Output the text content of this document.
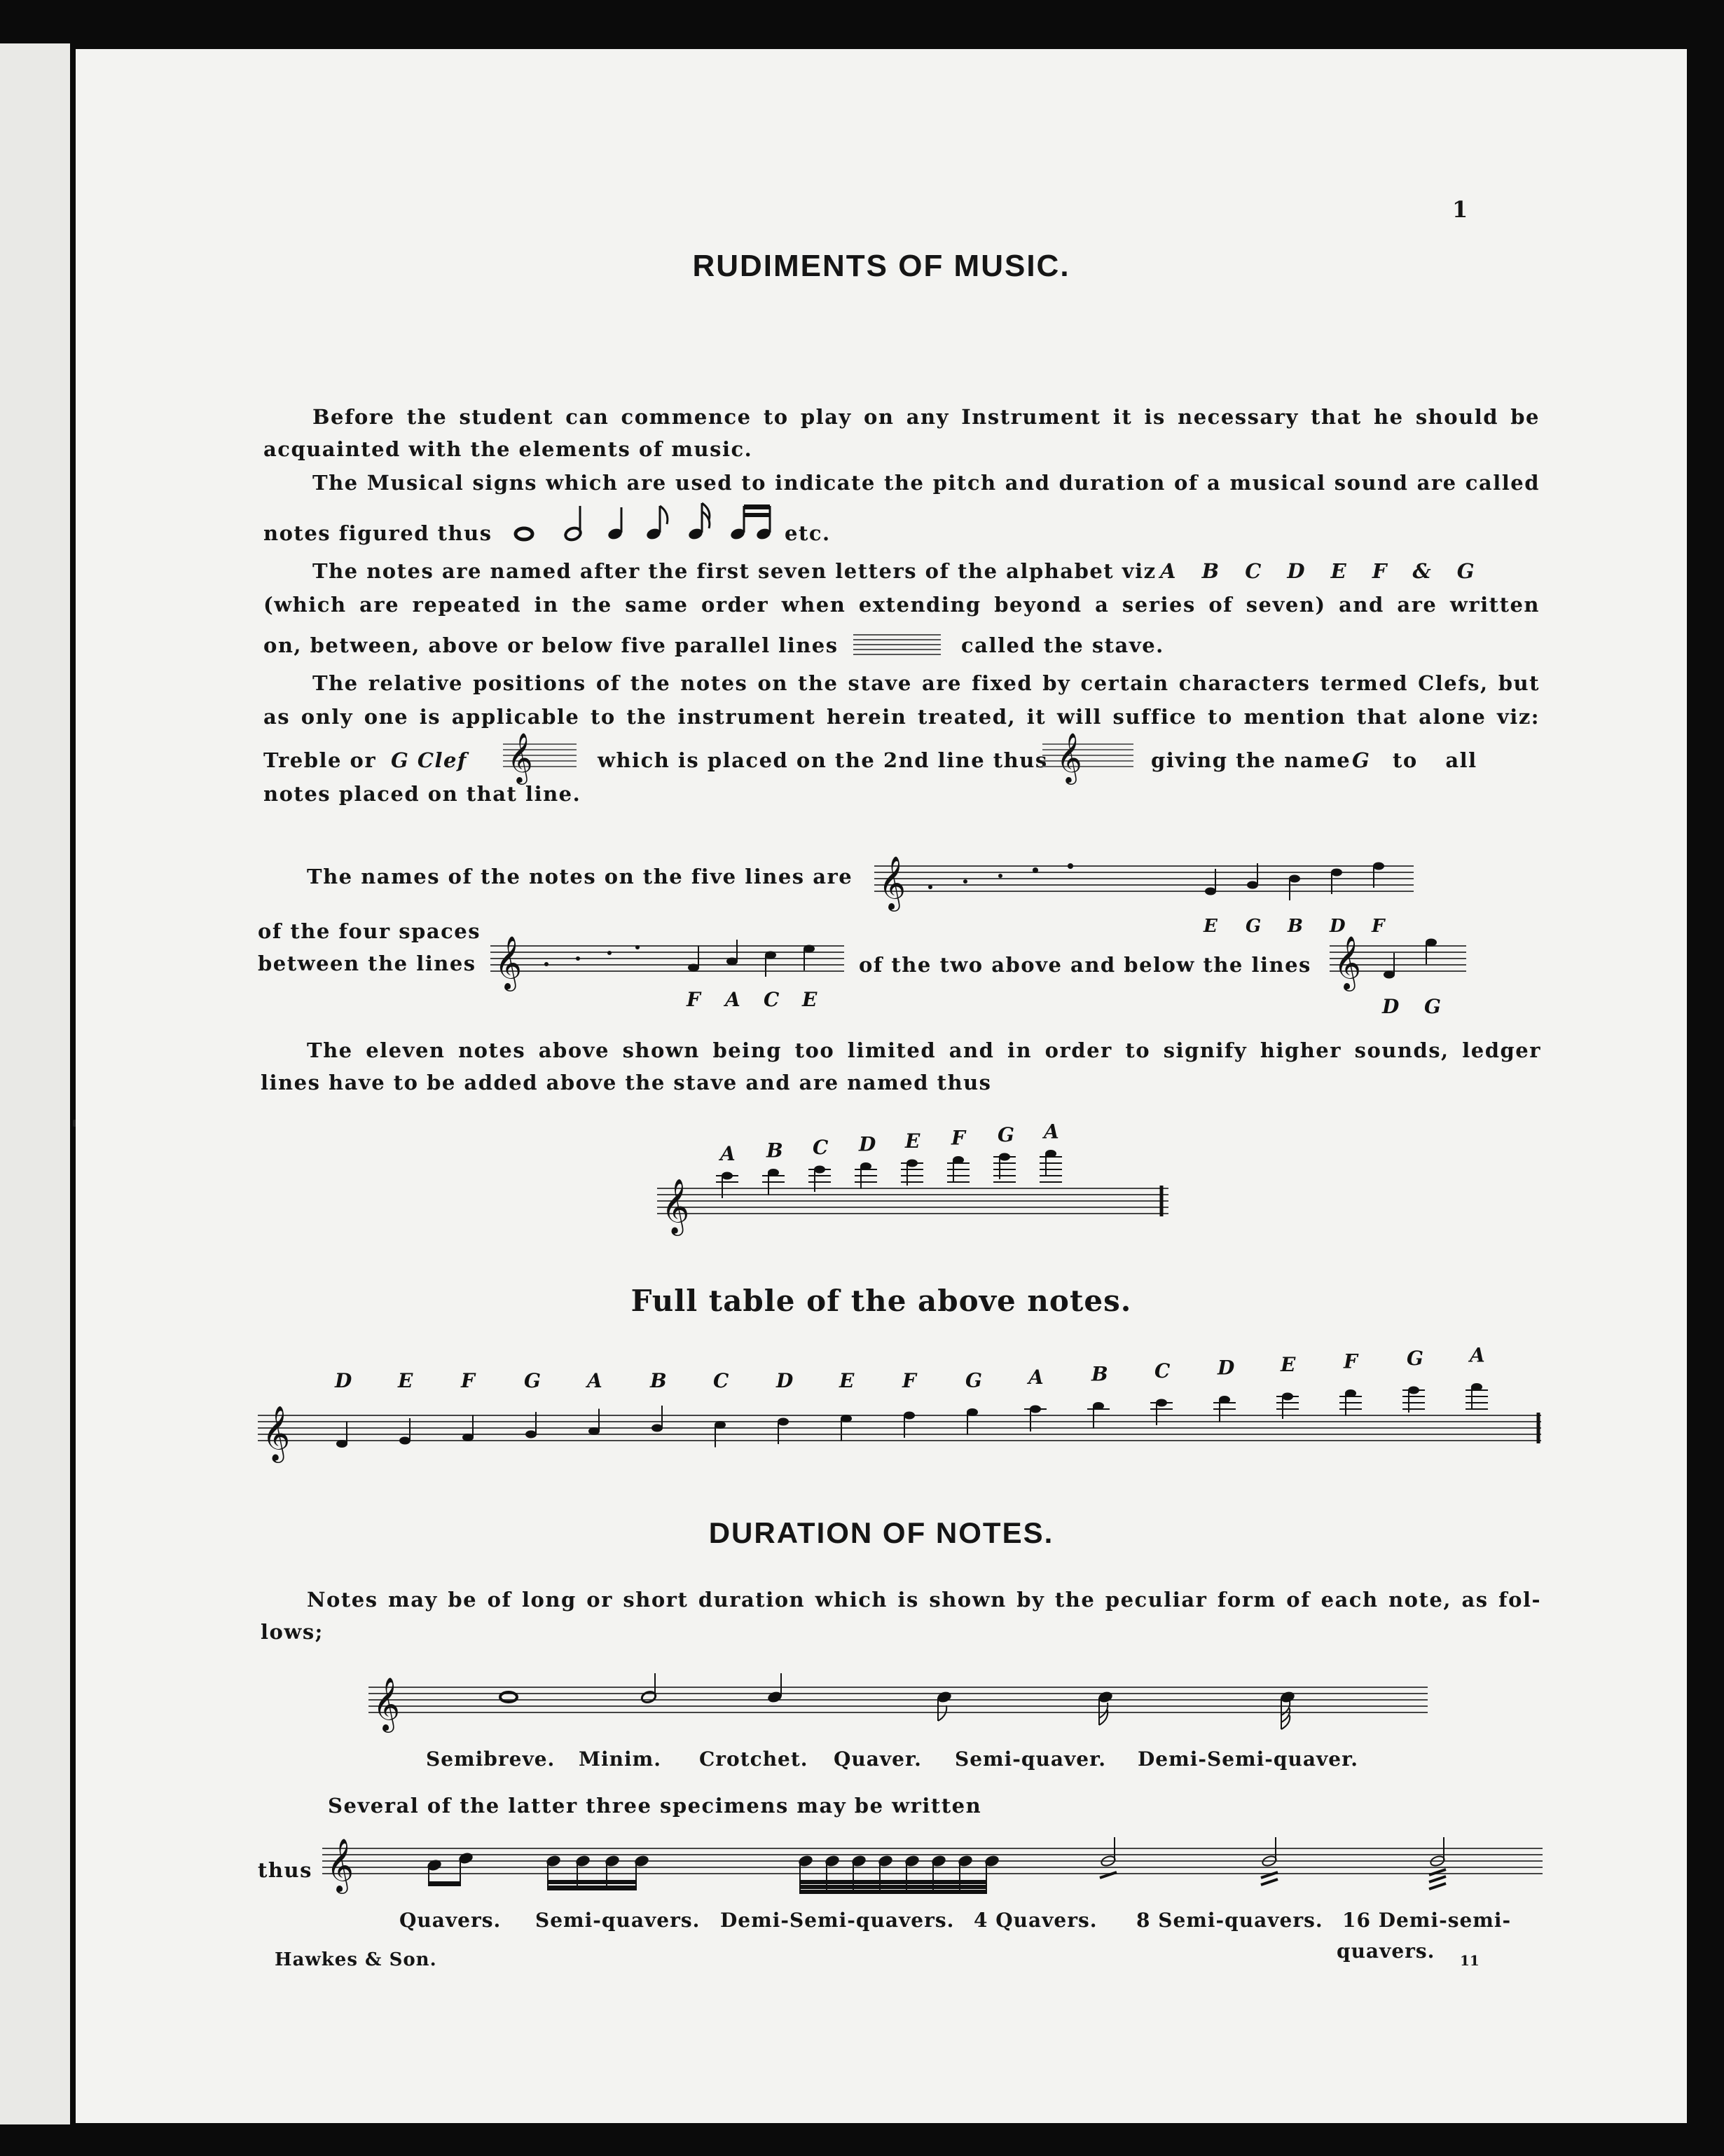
1
RUDIMENTS OF MUSIC.
Before the student can commence to play on any Instrument it is necessary that he should be
acquainted with the elements of music.
The Musical signs which are used to indicate the pitch and duration of a musical sound are called
notes figured thus	etc.
The notes are named after the first seven letters of the alphabet viz A B C D E F & G
(which are repeated in the same order when extending beyond a series of seven) and are written
on, between, above or below five parallel lines	called the stave.
The relative positions of the notes on the stave are fixed by certain characters termed Clefs, but
as only one is applicable to the instrument herein treated, it will suffice to mention that alone viz:
Treble or G Clef 𝄞	which is placed on the 2nd line thus 𝄞	giving the name G to all
notes placed on that line.
The names of the notes on the five lines are 𝄞
E G B D F
of the four spaces
between the lines 𝄞
F A C E
of the two above and below the lines 𝄞
D G
The eleven notes above shown being too limited and in order to signify higher sounds, ledger
lines have to be added above the stave and are named thus
𝄞
A B C D E F G A
Full table of the above notes.
𝄞
D E F	G A B C D E F	G A B C D E F	G A
DURATION OF NOTES.
Notes may be of long or short duration which is shown by the peculiar form of each note, as fol-
lows;
𝄞
Semibreve. Minim. Crotchet. Quaver. Semi-quaver. Demi-Semi-quaver.
Several of the latter three specimens may be written
thus 𝄞
Quavers. Semi-quavers. Demi-Semi-quavers. 4 Quavers. 8 Semi-quavers. 16 Demi-semi-
quavers.
Hawkes & Son.	11
